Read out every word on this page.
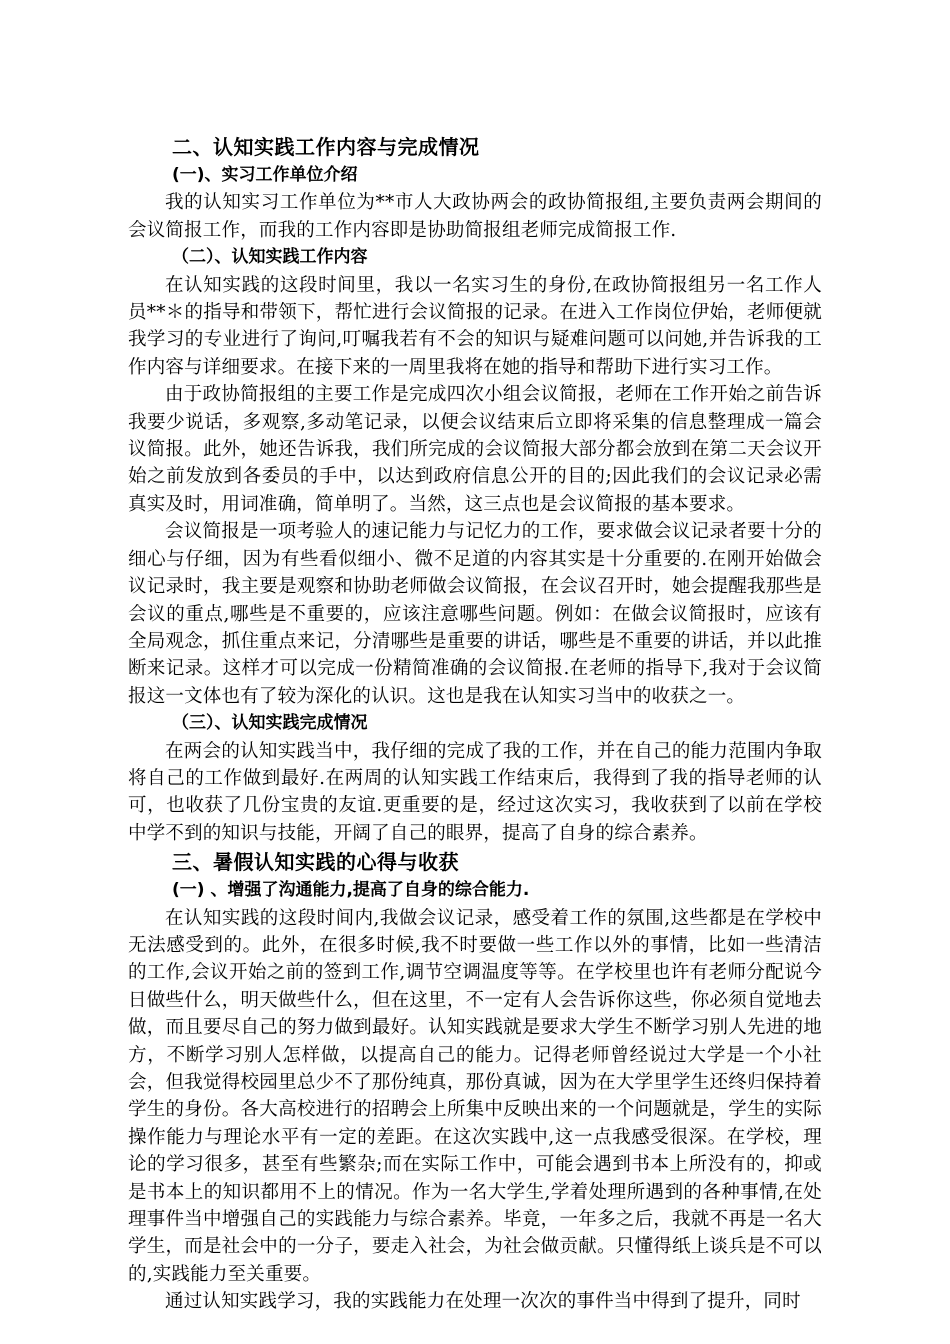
二、认知实践工作内容与完成情况
(一)、实习工作单位介绍

我的认知实习工作单位为**市人大政协两会的政协简报组,主要负责两会期间的会议简报工作，而我的工作内容即是协助简报组老师完成简报工作.

（二）、认知实践工作内容

在认知实践的这段时间里，我以一名实习生的身份,在政协简报组另一名工作人员**＊的指导和带领下，帮忙进行会议简报的记录。在进入工作岗位伊始，老师便就我学习的专业进行了询问,叮嘱我若有不会的知识与疑难问题可以问她,并告诉我的工作内容与详细要求。在接下来的一周里我将在她的指导和帮助下进行实习工作。

由于政协简报组的主要工作是完成四次小组会议简报，老师在工作开始之前告诉我要少说话，多观察,多动笔记录，以便会议结束后立即将采集的信息整理成一篇会议简报。此外，她还告诉我，我们所完成的会议简报大部分都会放到在第二天会议开始之前发放到各委员的手中，以达到政府信息公开的目的;因此我们的会议记录必需真实及时，用词准确，简单明了。当然，这三点也是会议简报的基本要求。

会议简报是一项考验人的速记能力与记忆力的工作，要求做会议记录者要十分的细心与仔细，因为有些看似细小、微不足道的内容其实是十分重要的.在刚开始做会议记录时，我主要是观察和协助老师做会议简报，在会议召开时，她会提醒我那些是会议的重点,哪些是不重要的，应该注意哪些问题。例如：在做会议简报时，应该有全局观念，抓住重点来记，分清哪些是重要的讲话，哪些是不重要的讲话，并以此推断来记录。这样才可以完成一份精简准确的会议简报.在老师的指导下,我对于会议简报这一文体也有了较为深化的认识。这也是我在认知实习当中的收获之一。

（三）、认知实践完成情况

在两会的认知实践当中，我仔细的完成了我的工作，并在自己的能力范围内争取将自己的工作做到最好.在两周的认知实践工作结束后，我得到了我的指导老师的认可，也收获了几份宝贵的友谊.更重要的是，经过这次实习，我收获到了以前在学校中学不到的知识与技能，开阔了自己的眼界，提高了自身的综合素养。

三、暑假认知实践的心得与收获
(一) 、增强了沟通能力,提高了自身的综合能力.

在认知实践的这段时间内,我做会议记录，感受着工作的氛围,这些都是在学校中无法感受到的。此外，在很多时候,我不时要做一些工作以外的事情，比如一些清洁的工作,会议开始之前的签到工作,调节空调温度等等。在学校里也许有老师分配说今日做些什么，明天做些什么，但在这里，不一定有人会告诉你这些，你必须自觉地去做，而且要尽自己的努力做到最好。认知实践就是要求大学生不断学习别人先进的地方，不断学习别人怎样做，以提高自己的能力。记得老师曾经说过大学是一个小社会，但我觉得校园里总少不了那份纯真，那份真诚，因为在大学里学生还终归保持着学生的身份。各大高校进行的招聘会上所集中反映出来的一个问题就是，学生的实际操作能力与理论水平有一定的差距。在这次实践中,这一点我感受很深。在学校，理论的学习很多，甚至有些繁杂;而在实际工作中，可能会遇到书本上所没有的，抑或是书本上的知识都用不上的情况。作为一名大学生,学着处理所遇到的各种事情,在处理事件当中增强自己的实践能力与综合素养。毕竟，一年多之后，我就不再是一名大学生，而是社会中的一分子，要走入社会，为社会做贡献。只懂得纸上谈兵是不可以的,实践能力至关重要。

通过认知实践学习，我的实践能力在处理一次次的事件当中得到了提升，同时
